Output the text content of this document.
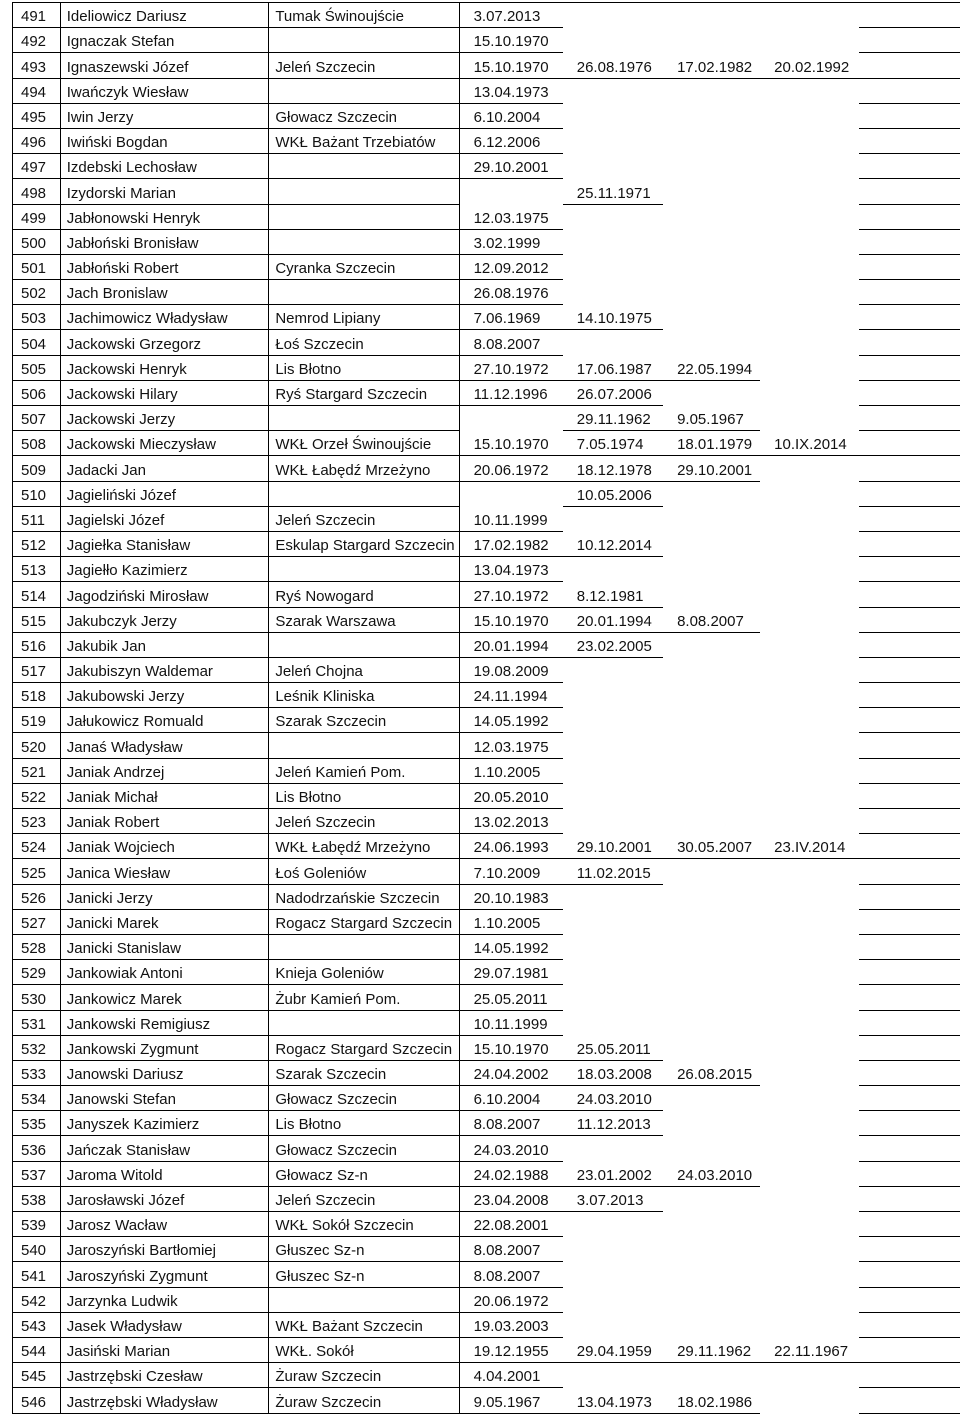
491	Ideliowicz Dariusz	Tumak Świnoujście	3.07.2013				
492	Ignaczak Stefan		15.10.1970				
493	Ignaszewski Józef	Jeleń Szczecin	15.10.1970	26.08.1976	17.02.1982	20.02.1992	
494	Iwańczyk Wiesław		13.04.1973				
495	Iwin Jerzy	Głowacz Szczecin	6.10.2004				
496	Iwiński Bogdan	WKŁ Bażant Trzebiatów	6.12.2006				
497	Izdebski Lechosław		29.10.2001				
498	Izydorski Marian			25.11.1971			
499	Jabłonowski Henryk		12.03.1975				
500	Jabłoński Bronisław		3.02.1999				
501	Jabłoński Robert	Cyranka Szczecin	12.09.2012				
502	Jach Bronislaw		26.08.1976				
503	Jachimowicz Władysław	Nemrod Lipiany	7.06.1969	14.10.1975			
504	Jackowski Grzegorz	Łoś Szczecin	8.08.2007				
505	Jackowski Henryk	Lis Błotno	27.10.1972	17.06.1987	22.05.1994		
506	Jackowski Hilary	Ryś Stargard Szczecin	11.12.1996	26.07.2006			
507	Jackowski Jerzy			29.11.1962	9.05.1967		
508	Jackowski Mieczysław	WKŁ Orzeł Świnoujście	15.10.1970	7.05.1974	18.01.1979	10.IX.2014	
509	Jadacki Jan	WKŁ Łabędź Mrzeżyno	20.06.1972	18.12.1978	29.10.2001		
510	Jagieliński Józef			10.05.2006			
511	Jagielski Józef	Jeleń Szczecin	10.11.1999				
512	Jagiełka Stanisław	Eskulap Stargard Szczecin	17.02.1982	10.12.2014			
513	Jagiełło Kazimierz		13.04.1973				
514	Jagodziński Mirosław	Ryś Nowogard	27.10.1972	8.12.1981			
515	Jakubczyk Jerzy	Szarak Warszawa	15.10.1970	20.01.1994	8.08.2007		
516	Jakubik Jan		20.01.1994	23.02.2005			
517	Jakubiszyn Waldemar	Jeleń Chojna	19.08.2009				
518	Jakubowski Jerzy	Leśnik Kliniska	24.11.1994				
519	Jałukowicz Romuald	Szarak Szczecin	14.05.1992				
520	Janaś Władysław		12.03.1975				
521	Janiak Andrzej	Jeleń Kamień Pom.	1.10.2005				
522	Janiak Michał	Lis Błotno	20.05.2010				
523	Janiak Robert	Jeleń Szczecin	13.02.2013				
524	Janiak Wojciech	WKŁ Łabędź Mrzeżyno	24.06.1993	29.10.2001	30.05.2007	23.IV.2014	
525	Janica Wiesław	Łoś Goleniów	7.10.2009	11.02.2015			
526	Janicki Jerzy	Nadodrzańskie Szczecin	20.10.1983				
527	Janicki Marek	Rogacz Stargard Szczecin	1.10.2005				
528	Janicki Stanislaw		14.05.1992				
529	Jankowiak Antoni	Knieja Goleniów	29.07.1981				
530	Jankowicz Marek	Żubr Kamień Pom.	25.05.2011				
531	Jankowski Remigiusz		10.11.1999				
532	Jankowski Zygmunt	Rogacz Stargard Szczecin	15.10.1970	25.05.2011			
533	Janowski Dariusz	Szarak Szczecin	24.04.2002	18.03.2008	26.08.2015		
534	Janowski Stefan	Głowacz Szczecin	6.10.2004	24.03.2010			
535	Janyszek Kazimierz	Lis Błotno	8.08.2007	11.12.2013			
536	Jańczak Stanisław	Głowacz Szczecin	24.03.2010				
537	Jaroma Witold	Głowacz Sz-n	24.02.1988	23.01.2002	24.03.2010		
538	Jarosławski Józef	Jeleń Szczecin	23.04.2008	3.07.2013			
539	Jarosz Wacław	WKŁ Sokół Szczecin	22.08.2001				
540	Jaroszyński Bartłomiej	Głuszec Sz-n	8.08.2007				
541	Jaroszyński Zygmunt	Głuszec Sz-n	8.08.2007				
542	Jarzynka Ludwik		20.06.1972				
543	Jasek Władysław	WKŁ Bażant Szczecin	19.03.2003				
544	Jasiński Marian	WKŁ. Sokół	19.12.1955	29.04.1959	29.11.1962	22.11.1967	
545	Jastrzębski Czesław	Żuraw Szczecin	4.04.2001				
546	Jastrzębski Władysław	Żuraw Szczecin	9.05.1967	13.04.1973	18.02.1986		
